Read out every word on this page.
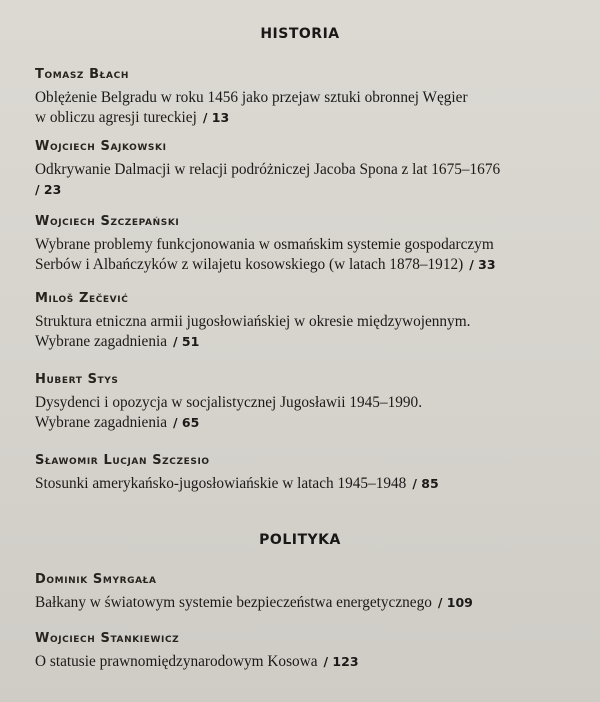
HISTORIA
Tomasz Błach
Oblężenie Belgradu w roku 1456 jako przejaw sztuki obronnej Węgier
w obliczu agresji tureckiej / 13
Wojciech Sajkowski
Odkrywanie Dalmacji w relacji podróżniczej Jacoba Spona z lat 1675–1676
/ 23
Wojciech Szczepański
Wybrane problemy funkcjonowania w osmańskim systemie gospodarczym
Serbów i Albańczyków z wilajetu kosowskiego (w latach 1878–1912) / 33
Miloš Zečević
Struktura etniczna armii jugosłowiańskiej w okresie międzywojennym.
Wybrane zagadnienia / 51
Hubert Stys
Dysydenci i opozycja w socjalistycznej Jugosławii 1945–1990.
Wybrane zagadnienia / 65
Sławomir Lucjan Szczesio
Stosunki amerykańsko-jugosłowiańskie w latach 1945–1948 / 85
POLITYKA
Dominik Smyrgała
Bałkany w światowym systemie bezpieczeństwa energetycznego / 109
Wojciech Stankiewicz
O statusie prawnomiędzynarodowym Kosowa / 123
